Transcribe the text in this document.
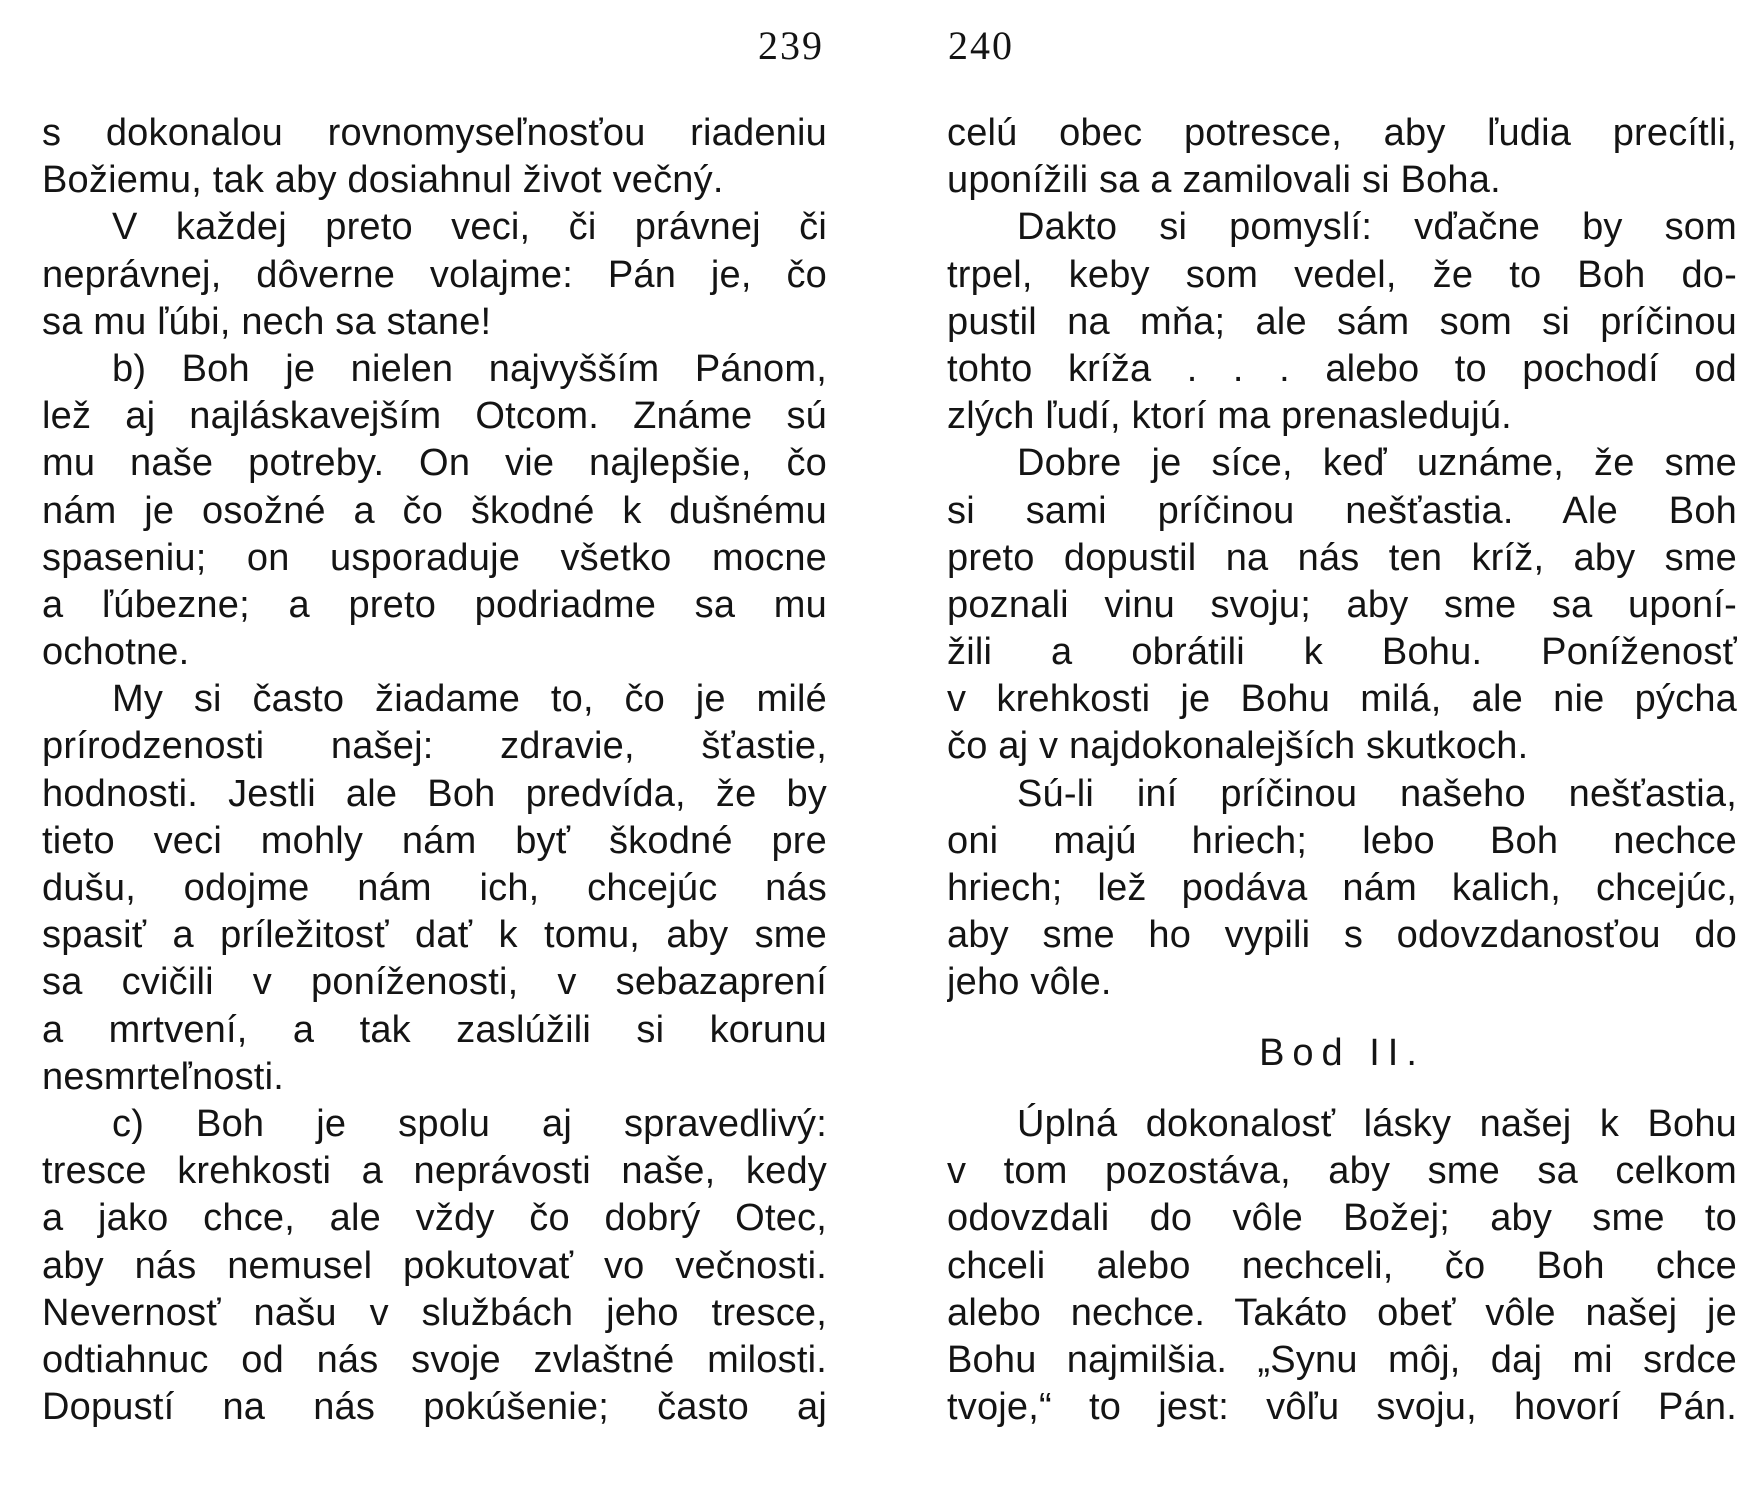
239	240
s dokonalou rovnomyseľnosťou riadeniu
Božiemu, tak aby dosiahnul život večný.
V každej preto veci, či právnej či
neprávnej, dôverne volajme: Pán je, čo
sa mu ľúbi, nech sa stane!
b) Boh je nielen najvyšším Pánom,
lež aj najláskavejším Otcom. Známe sú
mu naše potreby. On vie najlepšie, čo
nám je osožné a čo škodné k dušnému
spaseniu; on usporaduje všetko mocne
a ľúbezne; a preto podriadme sa mu
ochotne.
My si často žiadame to, čo je milé
prírodzenosti našej: zdravie, šťastie,
hodnosti. Jestli ale Boh predvída, že by
tieto veci mohly nám byť škodné pre
dušu, odojme nám ich, chcejúc nás
spasiť a príležitosť dať k tomu, aby sme
sa cvičili v poníženosti, v sebazaprení
a mrtvení, a tak zaslúžili si korunu
nesmrteľnosti.
c) Boh je spolu aj spravedlivý:
tresce krehkosti a neprávosti naše, kedy
a jako chce, ale vždy čo dobrý Otec,
aby nás nemusel pokutovať vo večnosti.
Nevernosť našu v službách jeho tresce,
odtiahnuc od nás svoje zvlaštné milosti.
Dopustí na nás pokúšenie; často aj
celú obec potresce, aby ľudia precítli,
uponížili sa a zamilovali si Boha.
Dakto si pomyslí: vďačne by som
trpel, keby som vedel, že to Boh do-
pustil na mňa; ale sám som si príčinou
tohto kríža . . . alebo to pochodí od
zlých ľudí, ktorí ma prenasledujú.
Dobre je síce, keď uznáme, že sme
si sami príčinou nešťastia. Ale Boh
preto dopustil na nás ten kríž, aby sme
poznali vinu svoju; aby sme sa uponí-
žili a obrátili k Bohu. Poníženosť
v krehkosti je Bohu milá, ale nie pýcha
čo aj v najdokonalejších skutkoch.
Sú-li iní príčinou našeho nešťastia,
oni majú hriech; lebo Boh nechce
hriech; lež podáva nám kalich, chcejúc,
aby sme ho vypili s odovzdanosťou do
jeho vôle.
Bod II.
Úplná dokonalosť lásky našej k Bohu
v tom pozostáva, aby sme sa celkom
odovzdali do vôle Božej; aby sme to
chceli alebo nechceli, čo Boh chce
alebo nechce. Takáto obeť vôle našej je
Bohu najmilšia. „Synu môj, daj mi srdce
tvoje,“ to jest: vôľu svoju, hovorí Pán.
